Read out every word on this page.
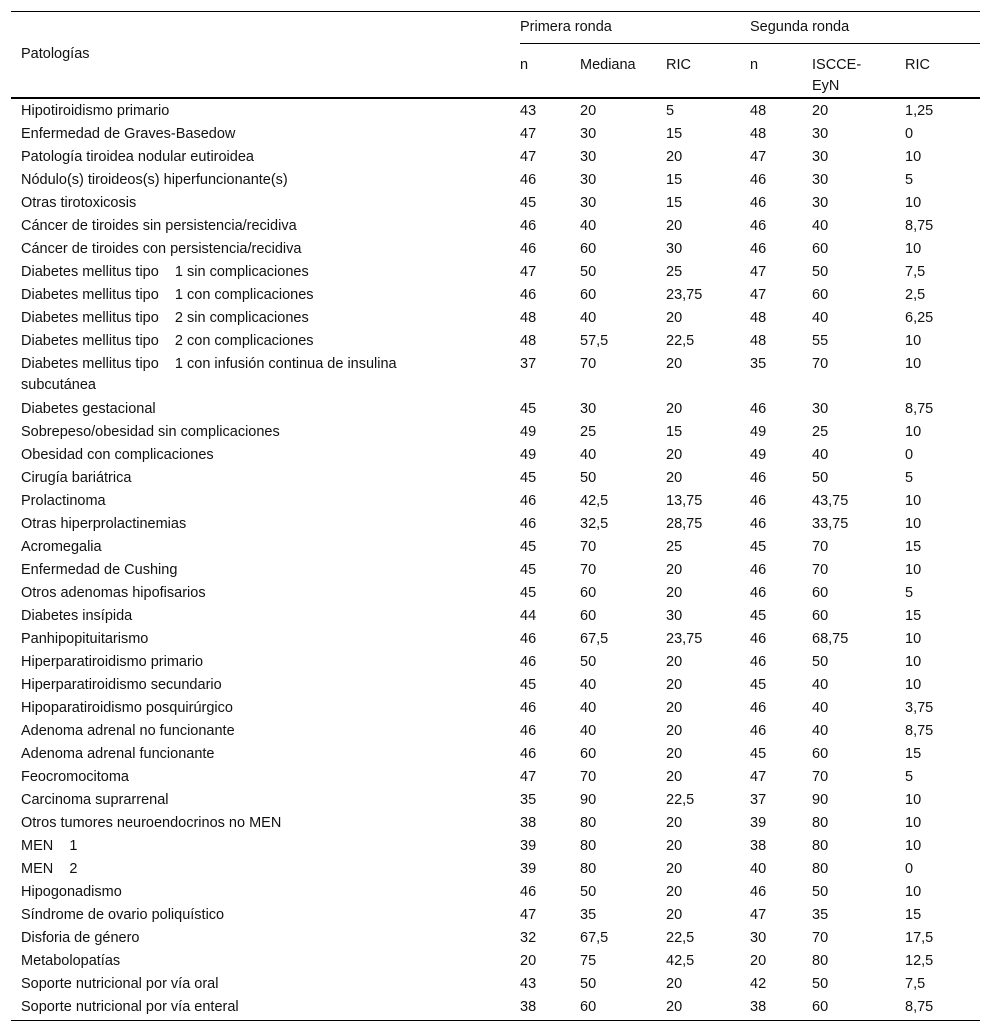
Patologías	Primera ronda			Segunda ronda		
	n	Mediana	RIC	n	ISCCE-EyN	RIC
Hipotiroidismo primario	43	20	5	48	20	1,25
Enfermedad de Graves-Basedow	47	30	15	48	30	0
Patología tiroidea nodular eutiroidea	47	30	20	47	30	10
Nódulo(s) tiroideos(s) hiperfuncionante(s)	46	30	15	46	30	5
Otras tirotoxicosis	45	30	15	46	30	10
Cáncer de tiroides sin persistencia/recidiva	46	40	20	46	40	8,75
Cáncer de tiroides con persistencia/recidiva	46	60	30	46	60	10
Diabetes mellitus tipo    1 sin complicaciones	47	50	25	47	50	7,5
Diabetes mellitus tipo    1 con complicaciones	46	60	23,75	47	60	2,5
Diabetes mellitus tipo    2 sin complicaciones	48	40	20	48	40	6,25
Diabetes mellitus tipo    2 con complicaciones	48	57,5	22,5	48	55	10
Diabetes mellitus tipo    1 con infusión continua de insulina subcutánea	37	70	20	35	70	10
Diabetes gestacional	45	30	20	46	30	8,75
Sobrepeso/obesidad sin complicaciones	49	25	15	49	25	10
Obesidad con complicaciones	49	40	20	49	40	0
Cirugía bariátrica	45	50	20	46	50	5
Prolactinoma	46	42,5	13,75	46	43,75	10
Otras hiperprolactinemias	46	32,5	28,75	46	33,75	10
Acromegalia	45	70	25	45	70	15
Enfermedad de Cushing	45	70	20	46	70	10
Otros adenomas hipofisarios	45	60	20	46	60	5
Diabetes insípida	44	60	30	45	60	15
Panhipopituitarismo	46	67,5	23,75	46	68,75	10
Hiperparatiroidismo primario	46	50	20	46	50	10
Hiperparatiroidismo secundario	45	40	20	45	40	10
Hipoparatiroidismo posquirúrgico	46	40	20	46	40	3,75
Adenoma adrenal no funcionante	46	40	20	46	40	8,75
Adenoma adrenal funcionante	46	60	20	45	60	15
Feocromocitoma	47	70	20	47	70	5
Carcinoma suprarrenal	35	90	22,5	37	90	10
Otros tumores neuroendocrinos no MEN	38	80	20	39	80	10
MEN    1	39	80	20	38	80	10
MEN    2	39	80	20	40	80	0
Hipogonadismo	46	50	20	46	50	10
Síndrome de ovario poliquístico	47	35	20	47	35	15
Disforia de género	32	67,5	22,5	30	70	17,5
Metabolopatías	20	75	42,5	20	80	12,5
Soporte nutricional por vía oral	43	50	20	42	50	7,5
Soporte nutricional por vía enteral	38	60	20	38	60	8,75
